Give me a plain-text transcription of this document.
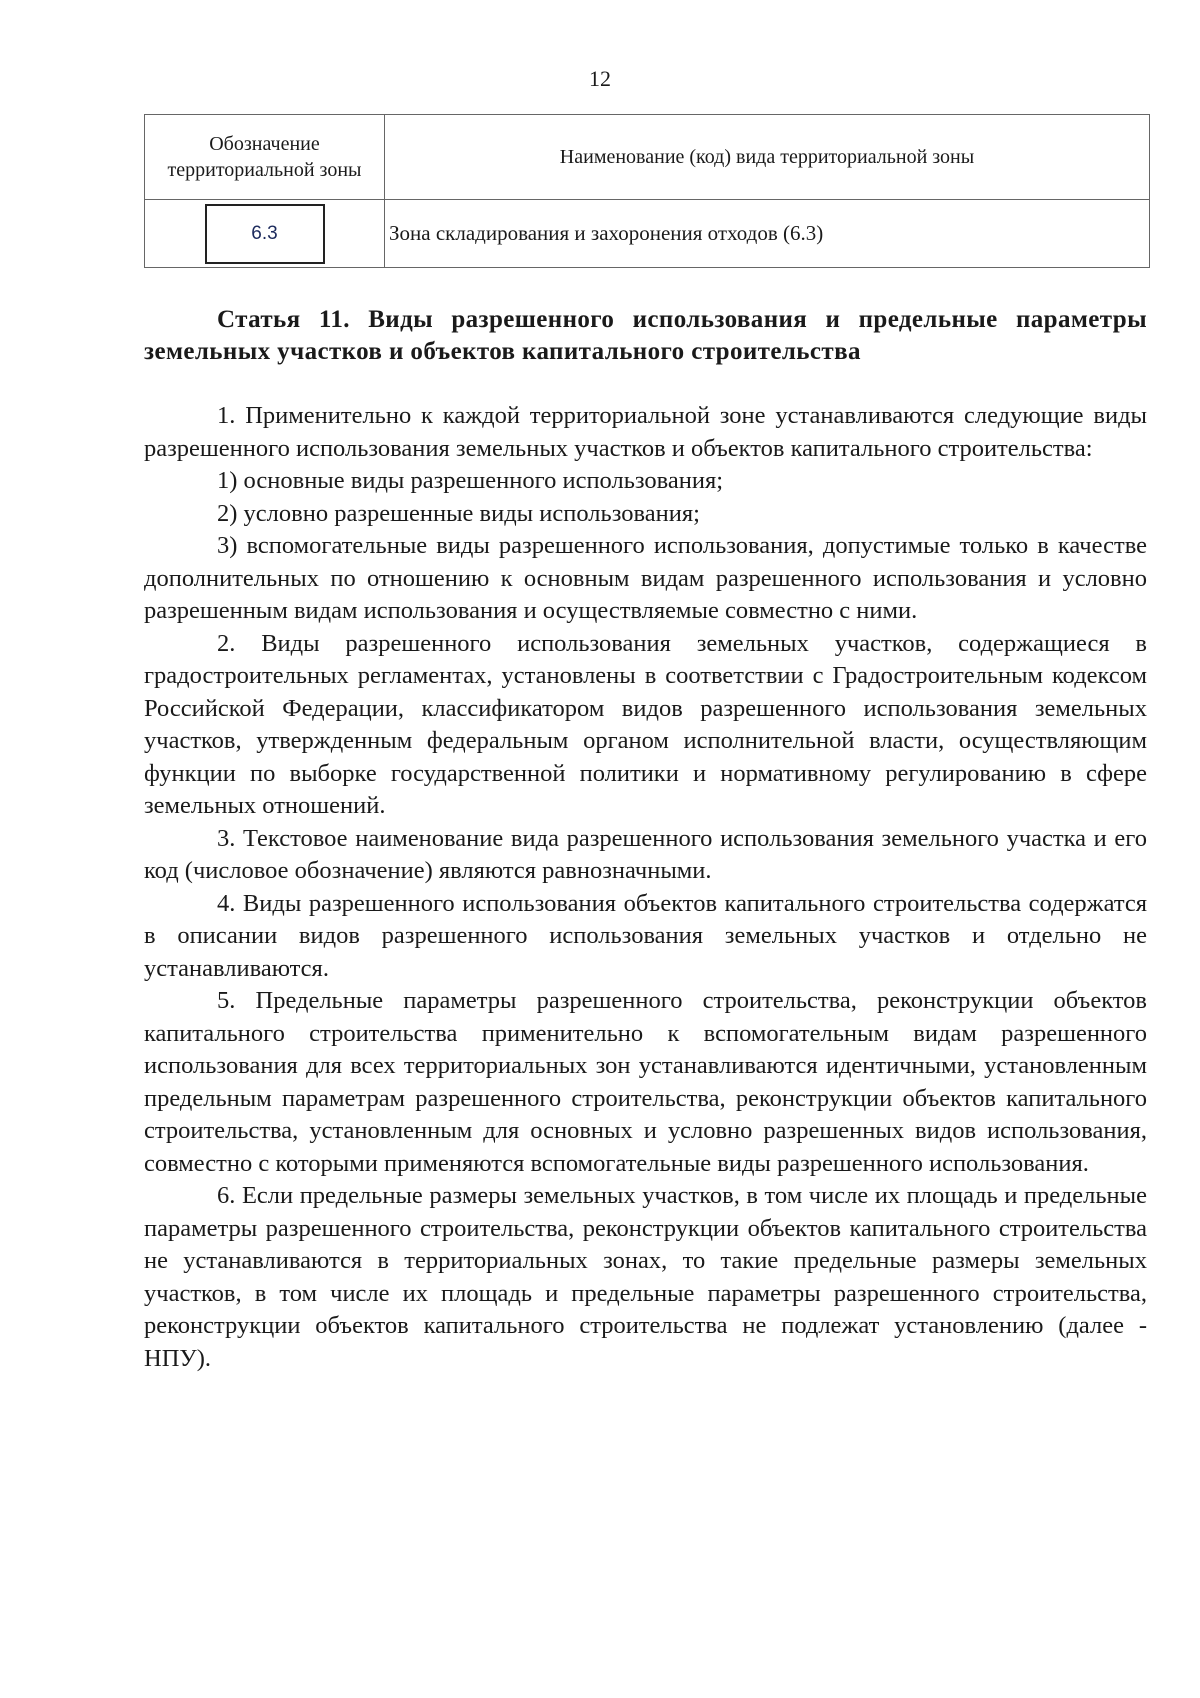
12
Обозначение территориальной зоны	Наименование (код) вида территориальной зоны
6.3	Зона складирования и захоронения отходов (6.3)

Статья 11. Виды разрешенного использования и предельные параметры земельных участков и объектов капитального строительства

1. Применительно к каждой территориальной зоне устанавливаются следующие виды разрешенного использования земельных участков и объектов капитального строительства:

1) основные виды разрешенного использования;

2) условно разрешенные виды использования;

3) вспомогательные виды разрешенного использования, допустимые только в качестве дополнительных по отношению к основным видам разрешенного использования и условно разрешенным видам использования и осуществляемые совместно с ними.

2. Виды разрешенного использования земельных участков, содержащиеся в градостроительных регламентах, установлены в соответствии с Градостроительным кодексом Российской Федерации, классификатором видов разрешенного использования земельных участков, утвержденным федеральным органом исполнительной власти, осуществляющим функции по выборке государственной политики и нормативному регулированию в сфере земельных отношений.

3. Текстовое наименование вида разрешенного использования земельного участка и его код (числовое обозначение) являются равнозначными.

4. Виды разрешенного использования объектов капитального строительства содержатся в описании видов разрешенного использования земельных участков и отдельно не устанавливаются.

5. Предельные параметры разрешенного строительства, реконструкции объектов капитального строительства применительно к вспомогательным видам разрешенного использования для всех территориальных зон устанавливаются идентичными, установленным предельным параметрам разрешенного строительства, реконструкции объектов капитального строительства, установленным для основных и условно разрешенных видов использования, совместно с которыми применяются вспомогательные виды разрешенного использования.

6. Если предельные размеры земельных участков, в том числе их площадь и предельные параметры разрешенного строительства, реконструкции объектов капитального строительства не устанавливаются в территориальных зонах, то такие предельные размеры земельных участков, в том числе их площадь и предельные параметры разрешенного строительства, реконструкции объектов капитального строительства не подлежат установлению (далее - НПУ).
